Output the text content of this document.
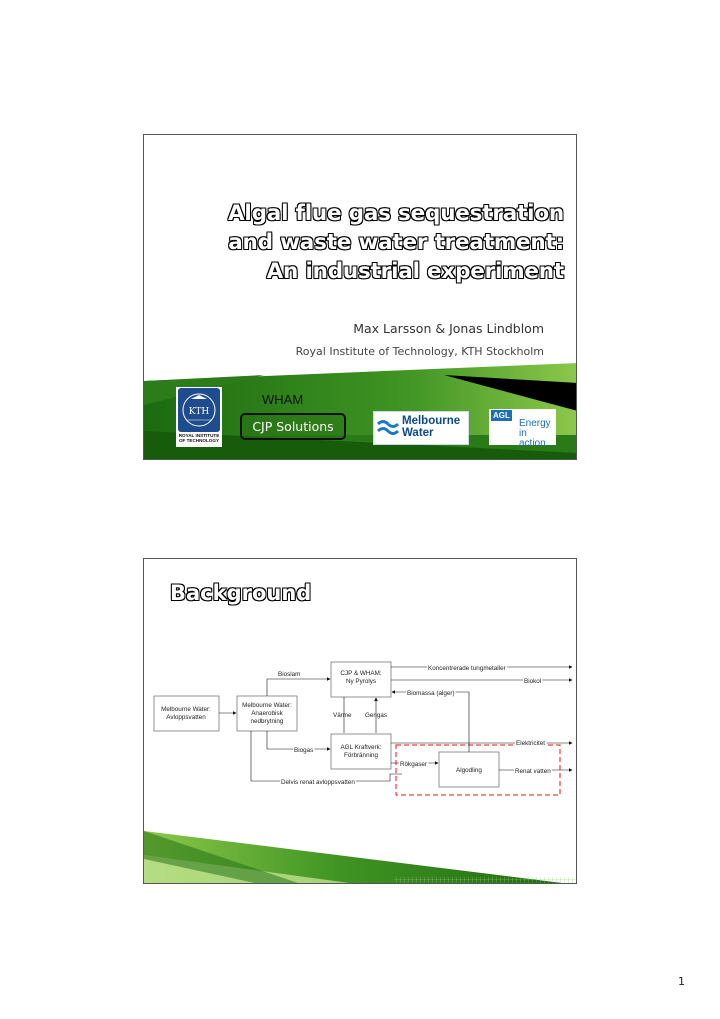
Algal flue gas sequestration
and waste water treatment:
An industrial experiment
Max Larsson & Jonas Lindblom
Royal Institute of Technology, KTH Stockholm
KTH
ROYAL INSTITUTE OF TECHNOLOGY
WHAM
CJP Solutions	Melbourne
Water
AGL
Energy in
action.
Background
Melbourne Water:
Avloppsvatten
Melbourne Water:
Anaerobisk
nedbrytning
CJP & WHAM:
Ny Pyrolys
AGL Kraftverk:
Förbränning
Algodling
Bioslam
Biogas
Värme Gengas
Biomassa (alger)
Rökgaser
Delvis renat avloppsvatten
Koncentrerade tungmetaller
Biokol
Elektricitet
Renat vatten
1
